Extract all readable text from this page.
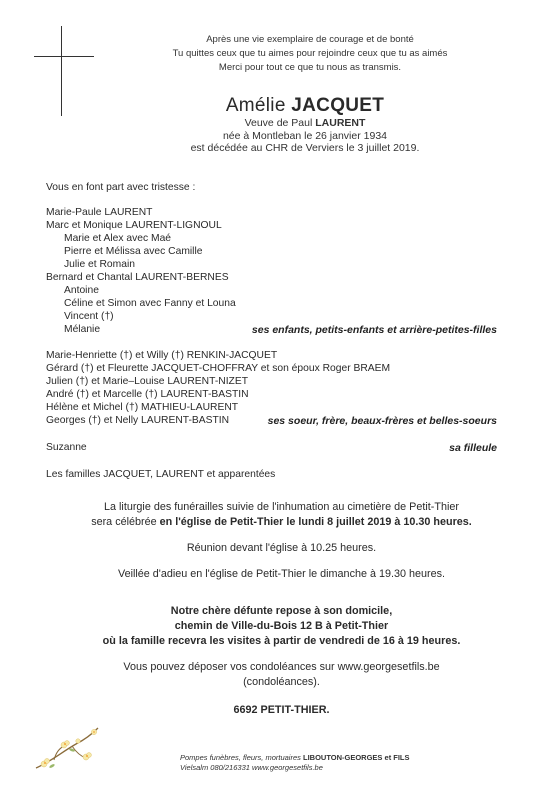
Après une vie exemplaire de courage et de bonté
Tu quittes ceux que tu aimes pour rejoindre ceux que tu as aimés
Merci pour tout ce que tu nous as transmis.
Amélie JACQUET
Veuve de Paul LAURENT
née à Montleban le 26 janvier 1934
est décédée au CHR de Verviers le 3 juillet 2019.
Vous en font part avec tristesse :
Marie-Paule LAURENT
Marc et Monique LAURENT-LIGNOUL
Marie et Alex avec Maé
Pierre et Mélissa avec Camille
Julie et Romain
Bernard et Chantal LAURENT-BERNES
Antoine
Céline et Simon avec Fanny et Louna
Vincent (†)
Mélanie	ses enfants, petits-enfants et arrière-petites-filles
Marie-Henriette (†) et Willy (†) RENKIN-JACQUET
Gérard (†) et Fleurette JACQUET-CHOFFRAY et son époux Roger BRAEM
Julien (†) et Marie–Louise LAURENT-NIZET
André (†) et Marcelle (†) LAURENT-BASTIN
Hélène et Michel (†) MATHIEU-LAURENT
Georges (†) et Nelly LAURENT-BASTIN	ses soeur, frère, beaux-frères et belles-soeurs
Suzanne	sa filleule
Les familles JACQUET, LAURENT et apparentées
La liturgie des funérailles suivie de l'inhumation au cimetière de Petit-Thier
sera célébrée en l'église de Petit-Thier le lundi 8 juillet 2019 à 10.30 heures.
Réunion devant l'église à 10.25 heures.
Veillée d'adieu en l'église de Petit-Thier le dimanche à 19.30 heures.
Notre chère défunte repose à son domicile,
chemin de Ville-du-Bois 12 B à Petit-Thier
où la famille recevra les visites à partir de vendredi de 16 à 19 heures.
Vous pouvez déposer vos condoléances sur www.georgesetfils.be
(condoléances).
6692 PETIT-THIER.
Pompes funèbres, fleurs, mortuaires LIBOUTON-GEORGES et FILS
Vielsalm 080/216331 www.georgesetfils.be
